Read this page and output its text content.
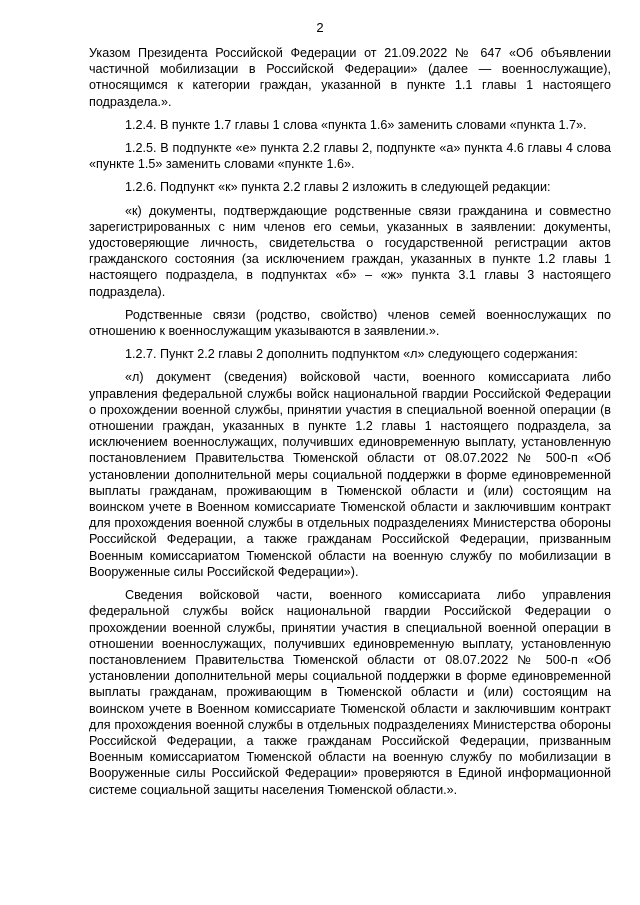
2

Указом Президента Российской Федерации от 21.09.2022 № 647 «Об объявлении частичной мобилизации в Российской Федерации» (далее — военнослужащие), относящимся к категории граждан, указанной в пункте 1.1 главы 1 настоящего подраздела.».

1.2.4. В пункте 1.7 главы 1 слова «пункта 1.6» заменить словами «пункта 1.7».

1.2.5. В подпункте «е» пункта 2.2 главы 2, подпункте «а» пункта 4.6 главы 4 слова «пункте 1.5» заменить словами «пункте 1.6».

1.2.6. Подпункт «к» пункта 2.2 главы 2 изложить в следующей редакции:

«к) документы, подтверждающие родственные связи гражданина и совместно зарегистрированных с ним членов его семьи, указанных в заявлении: документы, удостоверяющие личность, свидетельства о государственной регистрации актов гражданского состояния (за исключением граждан, указанных в пункте 1.2 главы 1 настоящего подраздела, в подпунктах «б» – «ж» пункта 3.1 главы 3 настоящего подраздела).

Родственные связи (родство, свойство) членов семей военнослужащих по отношению к военнослужащим указываются в заявлении.».

1.2.7. Пункт 2.2 главы 2 дополнить подпунктом «л» следующего содержания:

«л) документ (сведения) войсковой части, военного комиссариата либо управления федеральной службы войск национальной гвардии Российской Федерации о прохождении военной службы, принятии участия в специальной военной операции (в отношении граждан, указанных в пункте 1.2 главы 1 настоящего подраздела, за исключением военнослужащих, получивших единовременную выплату, установленную постановлением Правительства Тюменской области от 08.07.2022 № 500-п «Об установлении дополнительной меры социальной поддержки в форме единовременной выплаты гражданам, проживающим в Тюменской области и (или) состоящим на воинском учете в Военном комиссариате Тюменской области и заключившим контракт для прохождения военной службы в отдельных подразделениях Министерства обороны Российской Федерации, а также гражданам Российской Федерации, призванным Военным комиссариатом Тюменской области на военную службу по мобилизации в Вооруженные силы Российской Федерации»).

Сведения войсковой части, военного комиссариата либо управления федеральной службы войск национальной гвардии Российской Федерации о прохождении военной службы, принятии участия в специальной военной операции в отношении военнослужащих, получивших единовременную выплату, установленную постановлением Правительства Тюменской области от 08.07.2022 № 500-п «Об установлении дополнительной меры социальной поддержки в форме единовременной выплаты гражданам, проживающим в Тюменской области и (или) состоящим на воинском учете в Военном комиссариате Тюменской области и заключившим контракт для прохождения военной службы в отдельных подразделениях Министерства обороны Российской Федерации, а также гражданам Российской Федерации, призванным Военным комиссариатом Тюменской области на военную службу по мобилизации в Вооруженные силы Российской Федерации» проверяются в Единой информационной системе социальной защиты населения Тюменской области.».
